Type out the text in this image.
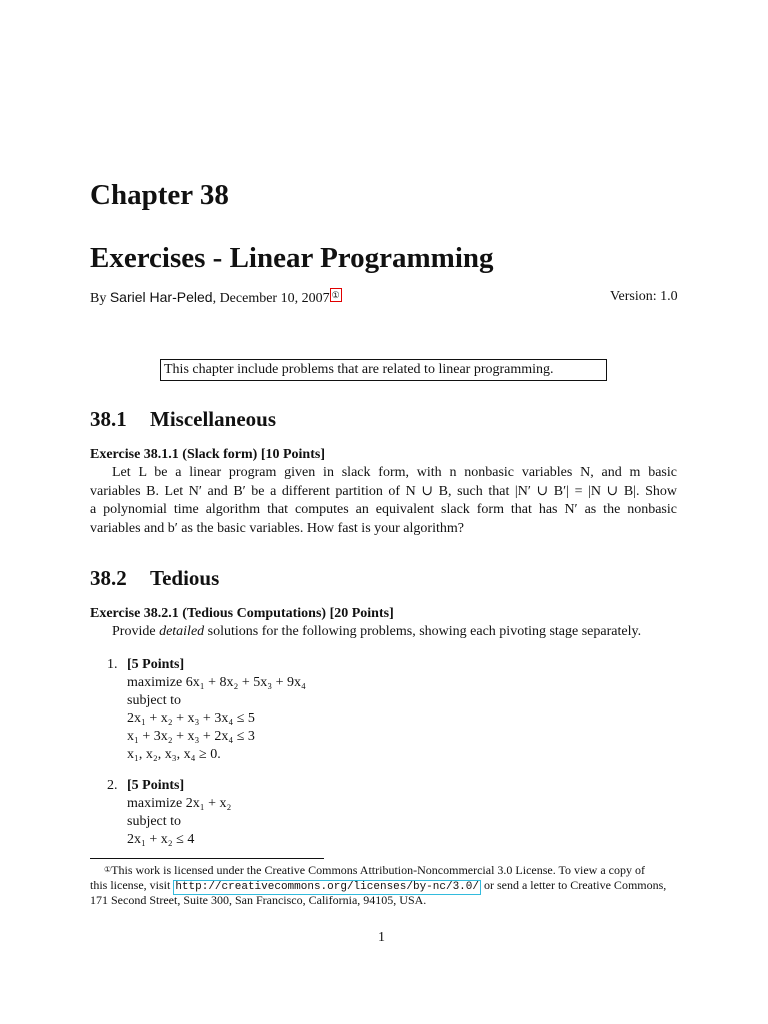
Chapter 38
Exercises - Linear Programming
By Sariel Har-Peled, December 10, 2007 ①	Version: 1.0
This chapter include problems that are related to linear programming.
38.1 Miscellaneous
Exercise 38.1.1 (Slack form) [10 Points]
Let L be a linear program given in slack form, with n nonbasic variables N, and m basic
variables B. Let N′ and B′ be a different partition of N ∪ B, such that |N′ ∪ B′| = |N ∪ B|. Show
a polynomial time algorithm that computes an equivalent slack form that has N′ as the nonbasic
variables and b′ as the basic variables. How fast is your algorithm?
38.2 Tedious
Exercise 38.2.1 (Tedious Computations) [20 Points]
Provide detailed solutions for the following problems, showing each pivoting stage separately.
1. [5 Points]
maximize 6x₁ + 8x₂ + 5x₃ + 9x₄
subject to
2x₁ + x₂ + x₃ + 3x₄ ≤ 5
x₁ + 3x₂ + x₃ + 2x₄ ≤ 3
x₁, x₂, x₃, x₄ ≥ 0.
2. [5 Points]
maximize 2x₁ + x₂
subject to
2x₁ + x₂ ≤ 4
①This work is licensed under the Creative Commons Attribution-Noncommercial 3.0 License. To view a copy of
this license, visit http://creativecommons.org/licenses/by-nc/3.0/ or send a letter to Creative Commons,
171 Second Street, Suite 300, San Francisco, California, 94105, USA.
1
